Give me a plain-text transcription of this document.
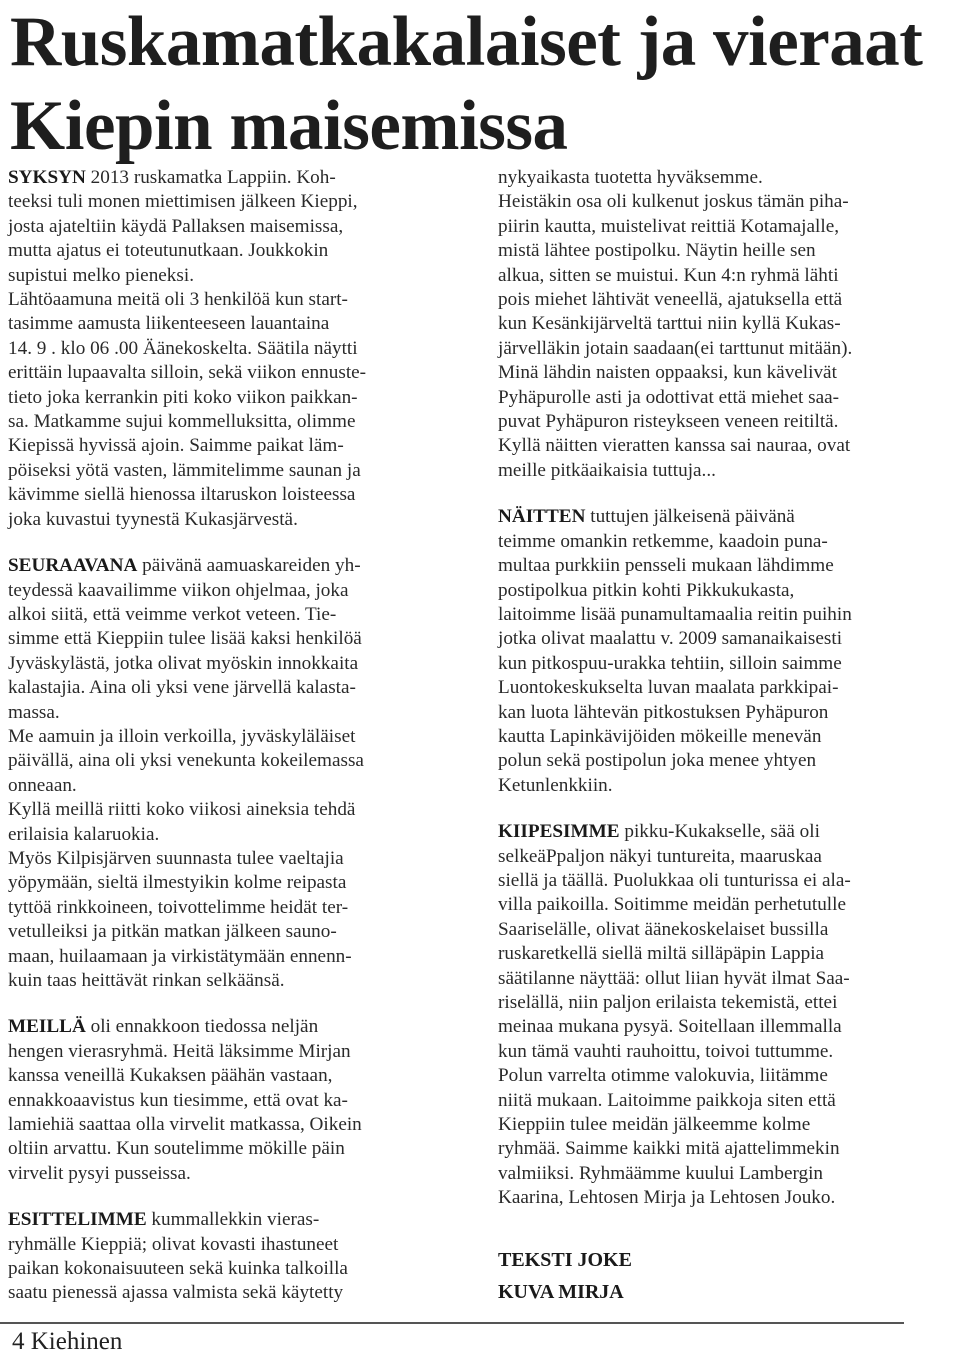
Ruskamatkakalaiset ja vieraat Kiepin maisemissa

SYKSYN 2013 ruskamatka Lappiin. Koh-
teeksi tuli monen miettimisen jälkeen Kieppi,
josta ajateltiin käydä Pallaksen maisemissa,
mutta ajatus ei toteutunutkaan. Joukkokin
supistui melko pieneksi.
Lähtöaamuna meitä oli 3 henkilöä kun start-
tasimme aamusta liikenteeseen lauantaina
14. 9 . klo 06 .00 Äänekoskelta. Säätila näytti
erittäin lupaavalta silloin, sekä viikon ennuste-
tieto joka kerrankin piti koko viikon paikkan-
sa. Matkamme sujui kommelluksitta, olimme
Kiepissä hyvissä ajoin. Saimme paikat läm-
pöiseksi yötä vasten, lämmitelimme saunan ja
kävimme siellä hienossa iltaruskon loisteessa
joka kuvastui tyynestä Kukasjärvestä.

SEURAAVANA päivänä aamuaskareiden yh-
teydessä kaavailimme viikon ohjelmaa, joka
alkoi siitä, että veimme verkot veteen. Tie-
simme että Kieppiin tulee lisää kaksi henkilöä
Jyväskylästä, jotka olivat myöskin innokkaita
kalastajia. Aina oli yksi vene järvellä kalasta-
massa.
Me aamuin ja illoin verkoilla, jyväskyläläiset
päivällä, aina oli yksi venekunta kokeilemassa
onneaan.
Kyllä meillä riitti koko viikosi aineksia tehdä
erilaisia kalaruokia.
Myös Kilpisjärven suunnasta tulee vaeltajia
yöpymään, sieltä ilmestyikin kolme reipasta
tyttöä rinkkoineen, toivottelimme heidät ter-
vetulleiksi ja pitkän matkan jälkeen sauno-
maan, huilaamaan ja virkistätymään ennenn-
kuin taas heittävät rinkan selkäänsä.

MEILLÄ oli ennakkoon tiedossa neljän
hengen vierasryhmä. Heitä läksimme Mirjan
kanssa veneillä Kukaksen päähän vastaan,
ennakkoaavistus kun tiesimme, että ovat ka-
lamiehiä saattaa olla virvelit matkassa, Oikein
oltiin arvattu. Kun soutelimme mökille päin
virvelit pysyi pusseissa.

ESITTELIMME kummallekkin vieras-
ryhmälle Kieppiä; olivat kovasti ihastuneet
paikan kokonaisuuteen sekä kuinka talkoilla
saatu pienessä ajassa valmista sekä käytetty

nykyaikasta tuotetta hyväksemme.
Heistäkin osa oli kulkenut joskus tämän piha-
piirin kautta, muistelivat reittiä Kotamajalle,
mistä lähtee postipolku. Näytin heille sen
alkua, sitten se muistui. Kun 4:n ryhmä lähti
pois miehet lähtivät veneellä, ajatuksella että
kun Kesänkijärveltä tarttui niin kyllä Kukas-
järvelläkin jotain saadaan(ei tarttunut mitään).
Minä lähdin naisten oppaaksi, kun kävelivät
Pyhäpurolle asti ja odottivat että miehet saa-
puvat Pyhäpuron risteykseen veneen reitiltä.
Kyllä näitten vieratten kanssa sai nauraa, ovat
meille pitkäaikaisia tuttuja...

NÄITTEN tuttujen jälkeisenä päivänä
teimme omankin retkemme, kaadoin puna-
multaa purkkiin pensseli mukaan lähdimme
postipolkua pitkin kohti Pikkukukasta,
laitoimme lisää punamultamaalia reitin puihin
jotka olivat maalattu v. 2009 samanaikaisesti
kun pitkospuu-urakka tehtiin, silloin saimme
Luontokeskukselta luvan maalata parkkipai-
kan luota lähtevän pitkostuksen Pyhäpuron
kautta Lapinkävijöiden mökeille menevän
polun sekä postipolun joka menee yhtyen
Ketunlenkkiin.

KIIPESIMME pikku-Kukakselle, sää oli
selkeäPpaljon näkyi tuntureita, maaruskaa
siellä ja täällä. Puolukkaa oli tunturissa ei ala-
villa paikoilla. Soitimme meidän perhetutulle
Saariselälle, olivat äänekoskelaiset bussilla
ruskaretkellä siellä miltä silläpäpin Lappia
säätilanne näyttää: ollut liian hyvät ilmat Saa-
riselällä, niin paljon erilaista tekemistä, ettei
meinaa mukana pysyä. Soitellaan illemmalla
kun tämä vauhti rauhoittu, toivoi tuttumme.
Polun varrelta otimme valokuvia, liitämme
niitä mukaan. Laitoimme paikkoja siten että
Kieppiin tulee meidän jälkeemme kolme
ryhmää. Saimme kaikki mitä ajattelimmekin
valmiiksi. Ryhmäämme kuului Lambergin
Kaarina, Lehtosen Mirja ja Lehtosen Jouko.

TEKSTI JOKE

KUVA MIRJA

4 Kiehinen
